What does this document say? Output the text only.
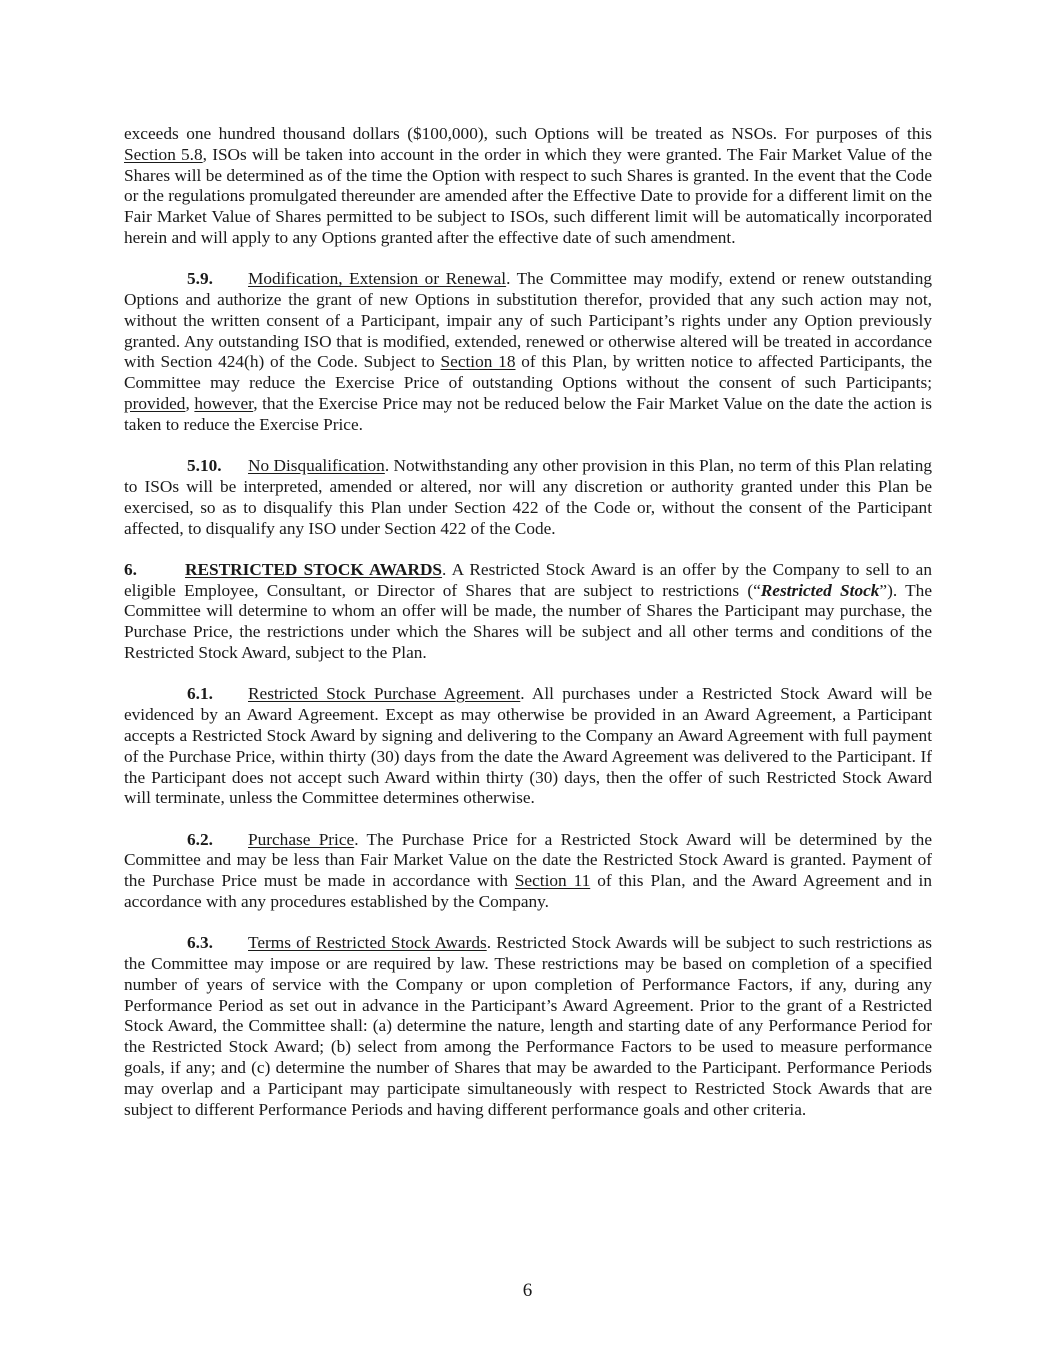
exceeds one hundred thousand dollars ($100,000), such Options will be treated as NSOs. For purposes of this Section 5.8, ISOs will be taken into account in the order in which they were granted. The Fair Market Value of the Shares will be determined as of the time the Option with respect to such Shares is granted. In the event that the Code or the regulations promulgated thereunder are amended after the Effective Date to provide for a different limit on the Fair Market Value of Shares permitted to be subject to ISOs, such different limit will be automatically incorporated herein and will apply to any Options granted after the effective date of such amendment.

5.9. Modification, Extension or Renewal. The Committee may modify, extend or renew outstanding Options and authorize the grant of new Options in substitution therefor, provided that any such action may not, without the written consent of a Participant, impair any of such Participant’s rights under any Option previously granted. Any outstanding ISO that is modified, extended, renewed or otherwise altered will be treated in accordance with Section 424(h) of the Code. Subject to Section 18 of this Plan, by written notice to affected Participants, the Committee may reduce the Exercise Price of outstanding Options without the consent of such Participants; provided, however, that the Exercise Price may not be reduced below the Fair Market Value on the date the action is taken to reduce the Exercise Price.

5.10. No Disqualification. Notwithstanding any other provision in this Plan, no term of this Plan relating to ISOs will be interpreted, amended or altered, nor will any discretion or authority granted under this Plan be exercised, so as to disqualify this Plan under Section 422 of the Code or, without the consent of the Participant affected, to disqualify any ISO under Section 422 of the Code.

6.	RESTRICTED STOCK AWARDS. A Restricted Stock Award is an offer by the Company to sell to an eligible Employee, Consultant, or Director of Shares that are subject to restrictions (“Restricted Stock”). The Committee will determine to whom an offer will be made, the number of Shares the Participant may purchase, the Purchase Price, the restrictions under which the Shares will be subject and all other terms and conditions of the Restricted Stock Award, subject to the Plan.

6.1. Restricted Stock Purchase Agreement. All purchases under a Restricted Stock Award will be evidenced by an Award Agreement. Except as may otherwise be provided in an Award Agreement, a Participant accepts a Restricted Stock Award by signing and delivering to the Company an Award Agreement with full payment of the Purchase Price, within thirty (30) days from the date the Award Agreement was delivered to the Participant. If the Participant does not accept such Award within thirty (30) days, then the offer of such Restricted Stock Award will terminate, unless the Committee determines otherwise.

6.2. Purchase Price. The Purchase Price for a Restricted Stock Award will be determined by the Committee and may be less than Fair Market Value on the date the Restricted Stock Award is granted. Payment of the Purchase Price must be made in accordance with Section 11 of this Plan, and the Award Agreement and in accordance with any procedures established by the Company.

6.3. Terms of Restricted Stock Awards. Restricted Stock Awards will be subject to such restrictions as the Committee may impose or are required by law. These restrictions may be based on completion of a specified number of years of service with the Company or upon completion of Performance Factors, if any, during any Performance Period as set out in advance in the Participant’s Award Agreement. Prior to the grant of a Restricted Stock Award, the Committee shall: (a) determine the nature, length and starting date of any Performance Period for the Restricted Stock Award; (b) select from among the Performance Factors to be used to measure performance goals, if any; and (c) determine the number of Shares that may be awarded to the Participant. Performance Periods may overlap and a Participant may participate simultaneously with respect to Restricted Stock Awards that are subject to different Performance Periods and having different performance goals and other criteria.

6
